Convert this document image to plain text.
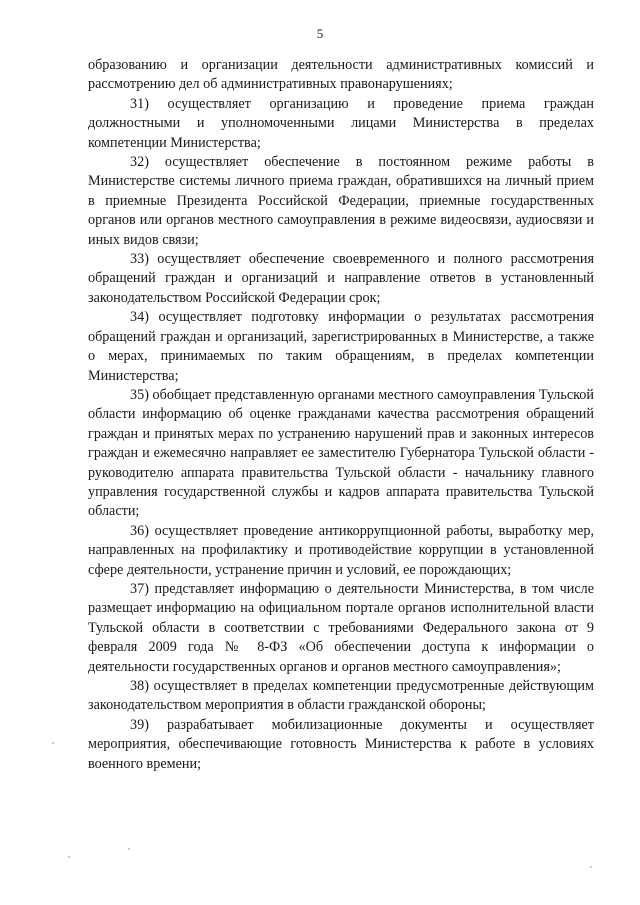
5

образованию и организации деятельности административных комиссий и рассмотрению дел об административных правонарушениях;

31) осуществляет организацию и проведение приема граждан должностными и уполномоченными лицами Министерства в пределах компетенции Министерства;

32) осуществляет обеспечение в постоянном режиме работы в Министерстве системы личного приема граждан, обратившихся на личный прием в приемные Президента Российской Федерации, приемные государственных органов или органов местного самоуправления в режиме видеосвязи, аудиосвязи и иных видов связи;

33) осуществляет обеспечение своевременного и полного рассмотрения обращений граждан и организаций и направление ответов в установленный законодательством Российской Федерации срок;

34) осуществляет подготовку информации о результатах рассмотрения обращений граждан и организаций, зарегистрированных в Министерстве, а также о мерах, принимаемых по таким обращениям, в пределах компетенции Министерства;

35) обобщает представленную органами местного самоуправления Тульской области информацию об оценке гражданами качества рассмотрения обращений граждан и принятых мерах по устранению нарушений прав и законных интересов граждан и ежемесячно направляет ее заместителю Губернатора Тульской области - руководителю аппарата правительства Тульской области - начальнику главного управления государственной службы и кадров аппарата правительства Тульской области;

36) осуществляет проведение антикоррупционной работы, выработку мер, направленных на профилактику и противодействие коррупции в установленной сфере деятельности, устранение причин и условий, ее порождающих;

37) представляет информацию о деятельности Министерства, в том числе размещает информацию на официальном портале органов исполнительной власти Тульской области в соответствии с требованиями Федерального закона от 9 февраля 2009 года № 8-ФЗ «Об обеспечении доступа к информации о деятельности государственных органов и органов местного самоуправления»;

38) осуществляет в пределах компетенции предусмотренные действующим законодательством мероприятия в области гражданской обороны;

39) разрабатывает мобилизационные документы и осуществляет мероприятия, обеспечивающие готовность Министерства к работе в условиях военного времени;
